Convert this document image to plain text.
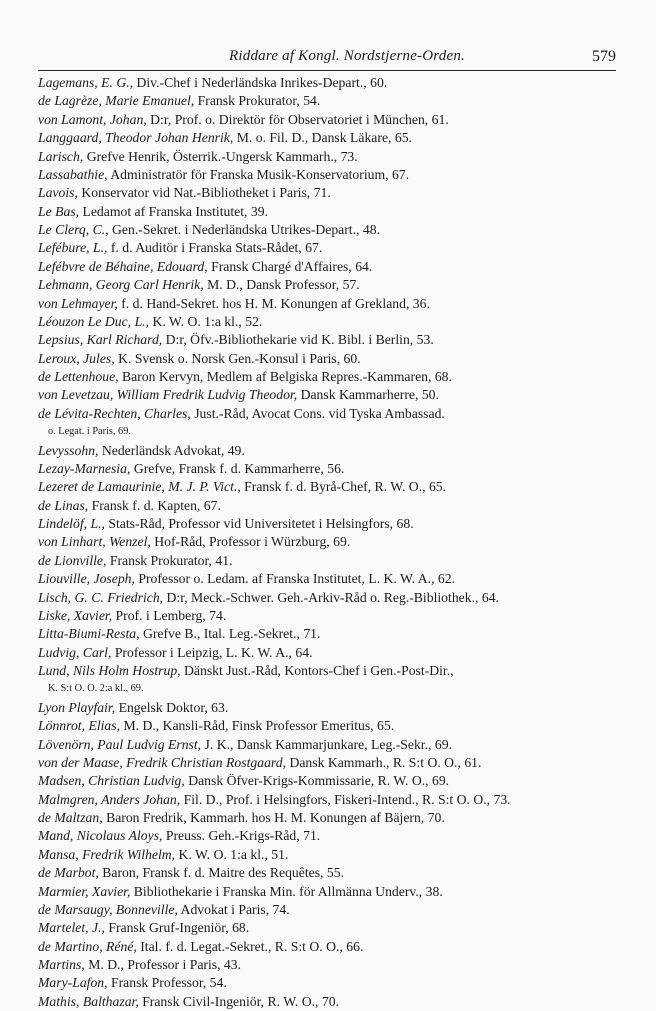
Riddare af Kongl. Nordstjerne-Orden.	579
Lagemans, E. G., Div.-Chef i Nederländska Inrikes-Depart., 60.
de Lagrèze, Marie Emanuel, Fransk Prokurator, 54.
von Lamont, Johan, D:r, Prof. o. Direktör för Observatoriet i München, 61.
Langgaard, Theodor Johan Henrik, M. o. Fil. D., Dansk Läkare, 65.
Larisch, Grefve Henrik, Österrik.-Ungersk Kammarh., 73.
Lassabathie, Administratör för Franska Musik-Konservatorium, 67.
Lavois, Konservator vid Nat.-Bibliotheket i Paris, 71.
Le Bas, Ledamot af Franska Institutet, 39.
Le Clerq, C., Gen.-Sekret. i Nederländska Utrikes-Depart., 48.
Lefébure, L., f. d. Auditör i Franska Stats-Rådet, 67.
Lefébvre de Béhaine, Edouard, Fransk Chargé d'Affaires, 64.
Lehmann, Georg Carl Henrik, M. D., Dansk Professor, 57.
von Lehmayer, f. d. Hand-Sekret. hos H. M. Konungen af Grekland, 36.
Léouzon Le Duc, L., K. W. O. 1:a kl., 52.
Lepsius, Karl Richard, D:r, Öfv.-Bibliothekarie vid K. Bibl. i Berlin, 53.
Leroux, Jules, K. Svensk o. Norsk Gen.-Konsul i Paris, 60.
de Lettenhoue, Baron Kervyn, Medlem af Belgiska Repres.-Kammaren, 68.
von Levetzau, William Fredrik Ludvig Theodor, Dansk Kammarherre, 50.
de Lévita-Rechten, Charles, Just.-Råd, Avocat Cons. vid Tyska Ambassad.
o. Legat. i Paris, 69.
Levyssohn, Nederländsk Advokat, 49.
Lezay-Marnesia, Grefve, Fransk f. d. Kammarherre, 56.
Lezeret de Lamaurinie, M. J. P. Vict., Fransk f. d. Byrå-Chef, R. W. O., 65.
de Linas, Fransk f. d. Kapten, 67.
Lindelöf, L., Stats-Råd, Professor vid Universitetet i Helsingfors, 68.
von Linhart, Wenzel, Hof-Råd, Professor i Würzburg, 69.
de Lionville, Fransk Prokurator, 41.
Liouville, Joseph, Professor o. Ledam. af Franska Institutet, L. K. W. A., 62.
Lisch, G. C. Friedrich, D:r, Meck.-Schwer. Geh.-Arkiv-Råd o. Reg.-Bibliothek., 64.
Liske, Xavier, Prof. i Lemberg, 74.
Litta-Biumi-Resta, Grefve B., Ital. Leg.-Sekret., 71.
Ludvig, Carl, Professor i Leipzig, L. K. W. A., 64.
Lund, Nils Holm Hostrup, Dänskt Just.-Råd, Kontors-Chef i Gen.-Post-Dir.,
K. S:t O. O. 2:a kl., 69.
Lyon Playfair, Engelsk Doktor, 63.
Lönnrot, Elias, M. D., Kansli-Råd, Finsk Professor Emeritus, 65.
Lövenörn, Paul Ludvig Ernst, J. K., Dansk Kammarjunkare, Leg.-Sekr., 69.
von der Maase, Fredrik Christian Rostgaard, Dansk Kammarh., R. S:t O. O., 61.
Madsen, Christian Ludvig, Dansk Öfver-Krigs-Kommissarie, R. W. O., 69.
Malmgren, Anders Johan, Fil. D., Prof. i Helsingfors, Fiskeri-Intend., R. S:t O. O., 73.
de Maltzan, Baron Fredrik, Kammarh. hos H. M. Konungen af Bäjern, 70.
Mand, Nicolaus Aloys, Preuss. Geh.-Krigs-Råd, 71.
Mansa, Fredrik Wilhelm, K. W. O. 1:a kl., 51.
de Marbot, Baron, Fransk f. d. Maitre des Requêtes, 55.
Marmier, Xavier, Bibliothekarie i Franska Min. för Allmänna Underv., 38.
de Marsaugy, Bonneville, Advokat i Paris, 74.
Martelet, J., Fransk Gruf-Ingeniör, 68.
de Martino, Réné, Ital. f. d. Legat.-Sekret., R. S:t O. O., 66.
Martins, M. D., Professor i Paris, 43.
Mary-Lafon, Fransk Professor, 54.
Mathis, Balthazar, Fransk Civil-Ingeniör, R. W. O., 70.
